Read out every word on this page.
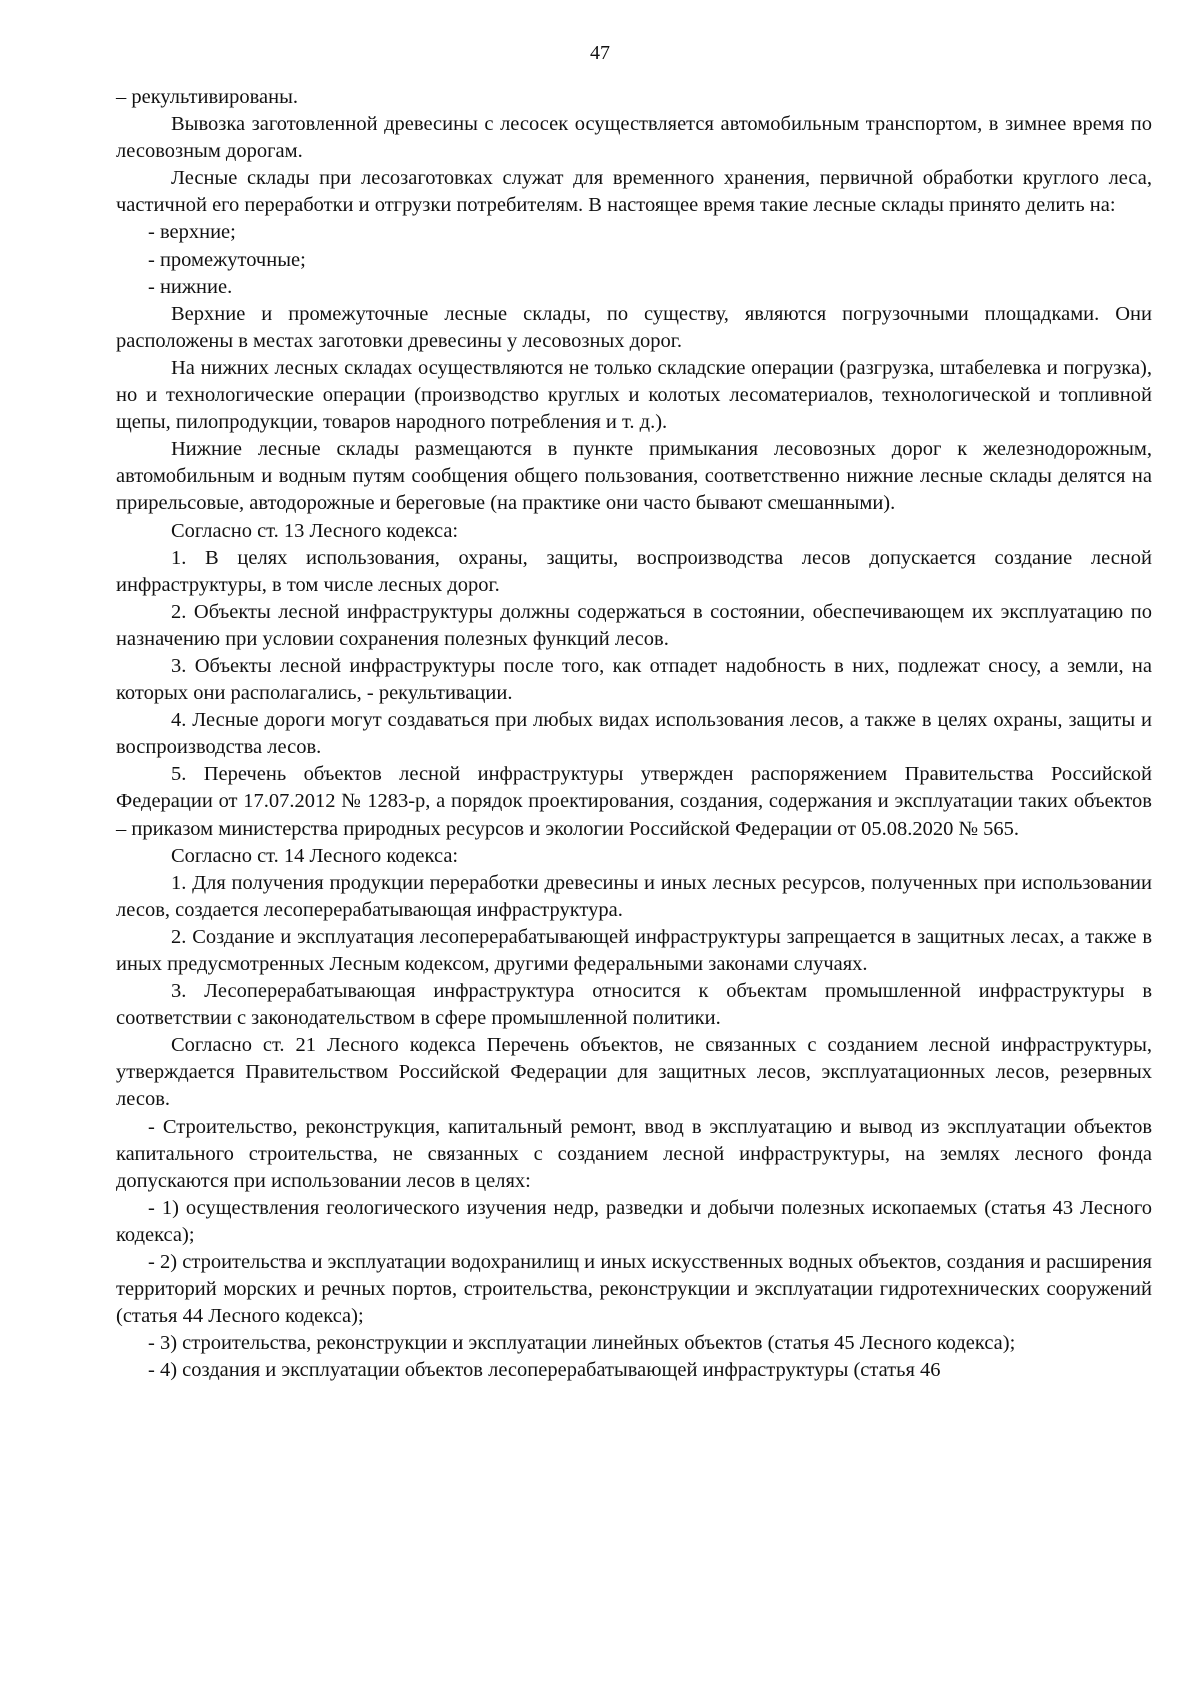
47

– рекультивированы.

Вывозка заготовленной древесины с лесосек осуществляется автомобильным транспортом, в зимнее время по лесовозным дорогам.

Лесные склады при лесозаготовках служат для временного хранения, первичной обработки круглого леса, частичной его переработки и отгрузки потребителям. В настоящее время такие лесные склады принято делить на:

- верхние;

- промежуточные;

- нижние.

Верхние и промежуточные лесные склады, по существу, являются погрузочными площадками. Они расположены в местах заготовки древесины у лесовозных дорог.

На нижних лесных складах осуществляются не только складские операции (разгрузка, штабелевка и погрузка), но и технологические операции (производство круглых и колотых лесоматериалов, технологической и топливной щепы, пилопродукции, товаров народного потребления и т. д.).

Нижние лесные склады размещаются в пункте примыкания лесовозных дорог к железнодорожным, автомобильным и водным путям сообщения общего пользования, соответственно нижние лесные склады делятся на прирельсовые, автодорожные и береговые (на практике они часто бывают смешанными).

Согласно ст. 13 Лесного кодекса:

1. В целях использования, охраны, защиты, воспроизводства лесов допускается создание лесной инфраструктуры, в том числе лесных дорог.

2. Объекты лесной инфраструктуры должны содержаться в состоянии, обеспечивающем их эксплуатацию по назначению при условии сохранения полезных функций лесов.

3. Объекты лесной инфраструктуры после того, как отпадет надобность в них, подлежат сносу, а земли, на которых они располагались, - рекультивации.

4. Лесные дороги могут создаваться при любых видах использования лесов, а также в целях охраны, защиты и воспроизводства лесов.

5. Перечень объектов лесной инфраструктуры утвержден распоряжением Правительства Российской Федерации от 17.07.2012 № 1283-р, а порядок проектирования, создания, содержания и эксплуатации таких объектов – приказом министерства природных ресурсов и экологии Российской Федерации от 05.08.2020 № 565.

Согласно ст. 14 Лесного кодекса:

1. Для получения продукции переработки древесины и иных лесных ресурсов, полученных при использовании лесов, создается лесоперерабатывающая инфраструктура.

2. Создание и эксплуатация лесоперерабатывающей инфраструктуры запрещается в защитных лесах, а также в иных предусмотренных Лесным кодексом, другими федеральными законами случаях.

3. Лесоперерабатывающая инфраструктура относится к объектам промышленной инфраструктуры в соответствии с законодательством в сфере промышленной политики.

Согласно ст. 21 Лесного кодекса Перечень объектов, не связанных с созданием лесной инфраструктуры, утверждается Правительством Российской Федерации для защитных лесов, эксплуатационных лесов, резервных лесов.

- Строительство, реконструкция, капитальный ремонт, ввод в эксплуатацию и вывод из эксплуатации объектов капитального строительства, не связанных с созданием лесной инфраструктуры, на землях лесного фонда допускаются при использовании лесов в целях:

- 1) осуществления геологического изучения недр, разведки и добычи полезных ископаемых (статья 43 Лесного кодекса);

- 2) строительства и эксплуатации водохранилищ и иных искусственных водных объектов, создания и расширения территорий морских и речных портов, строительства, реконструкции и эксплуатации гидротехнических сооружений (статья 44 Лесного кодекса);

- 3) строительства, реконструкции и эксплуатации линейных объектов (статья 45 Лесного кодекса);

- 4) создания и эксплуатации объектов лесоперерабатывающей инфраструктуры (статья 46
